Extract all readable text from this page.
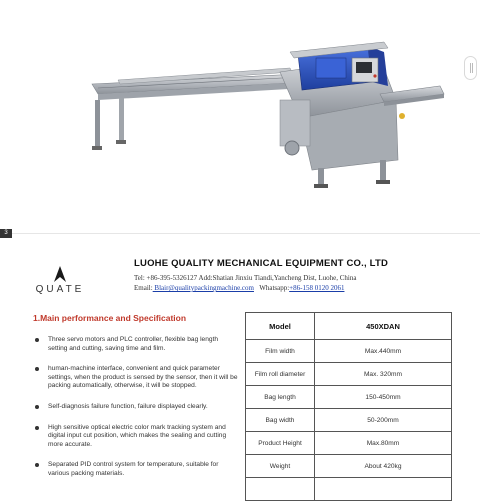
3
QUATE
LUOHE QUALITY MECHANICAL EQUIPMENT CO., LTD
Tel: +86-395-5326127 Add:Shatian Jinxiu Tiandi,Yancheng Dist, Luohe, China
Email: Blair@qualitypackingmachine.com Whatsapp:+86-158 0120 2061
1.Main performance and Specification
Three servo motors and PLC controller, flexible bag length setting and cutting, saving time and film.
human-machine interface, convenient and quick parameter settings, when the product is sensed by the sensor, then it will be packing automatically, otherwise, it will be stopped.
Self-diagnosis failure function, failure displayed clearly.
High sensitive optical electric color mark tracking system and digital input cut position, which makes the sealing and cutting more accurate.
Separated PID control system for temperature, suitable for various packing materials.
Model	450XDAN
Film width	Max.440mm
Film roll diameter	Max. 320mm
Bag length	150-450mm
Bag width	50-200mm
Product Height	Max.80mm
Weight	About 420kg
